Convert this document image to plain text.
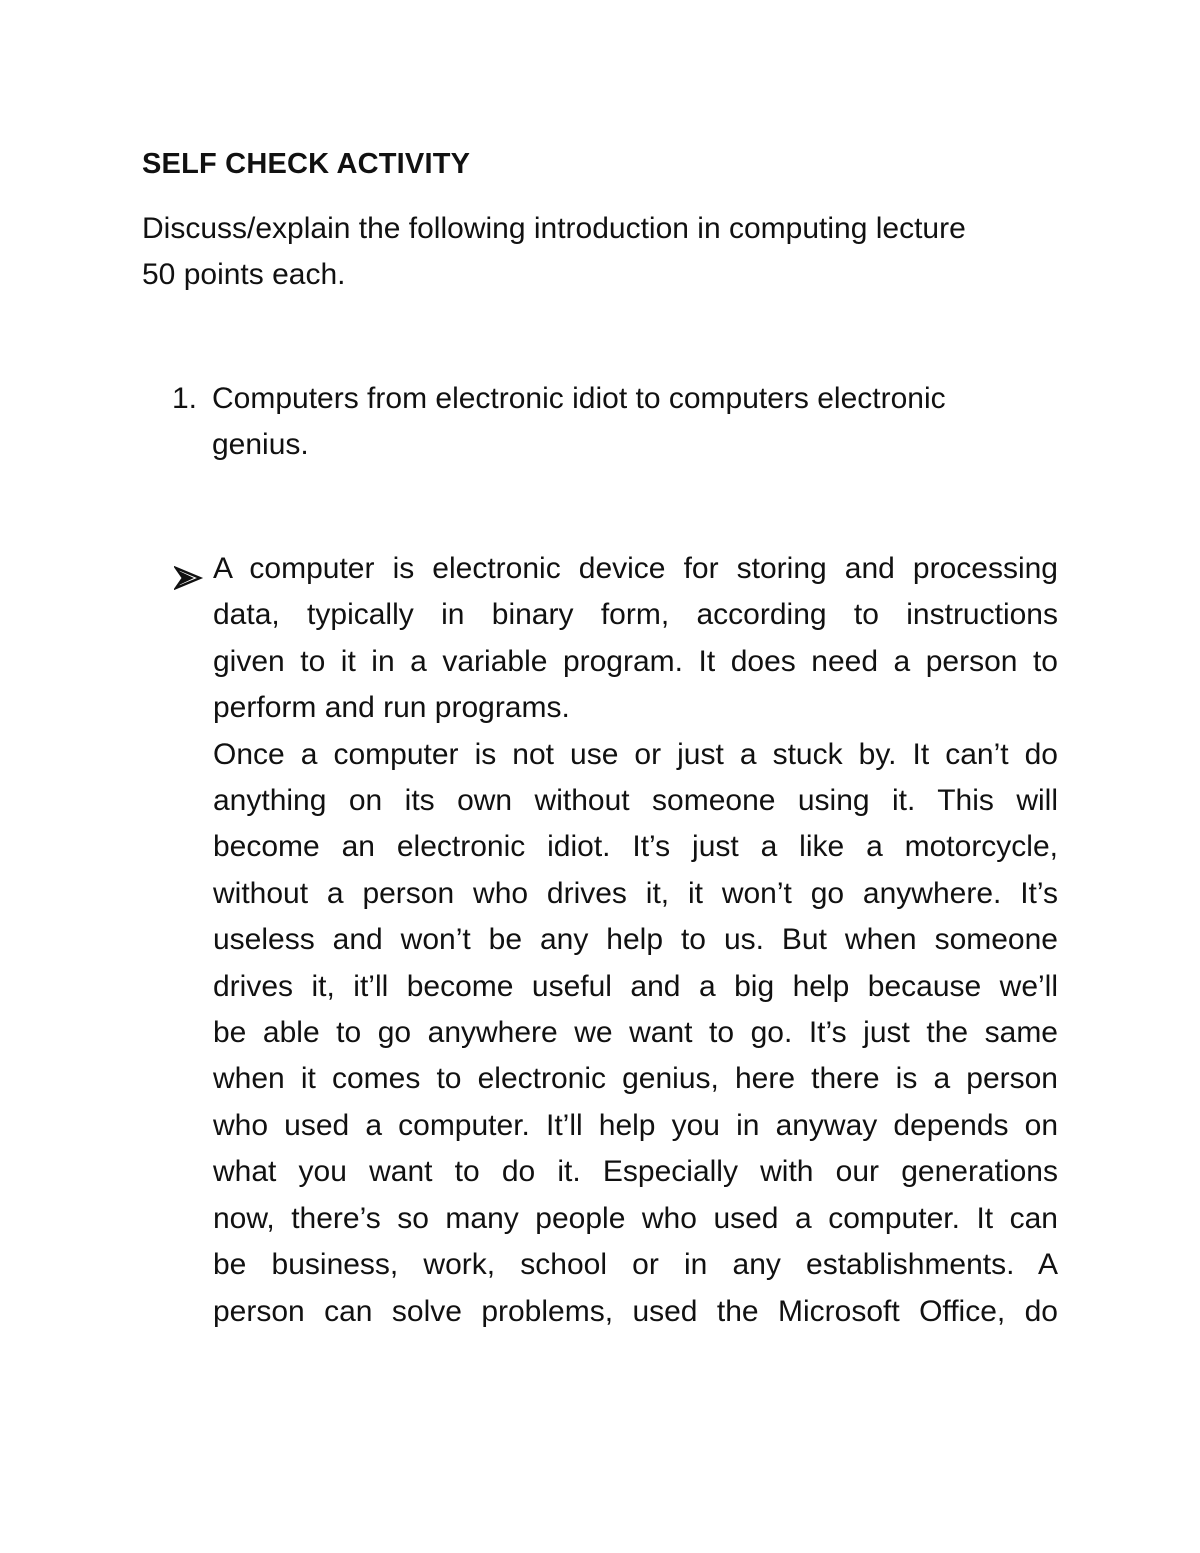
SELF CHECK ACTIVITY
Discuss/explain the following introduction in computing lecture
50 points each.
1. Computers from electronic idiot to computers electronic
genius.
A computer is electronic device for storing and processing
data, typically in binary form, according to instructions
given to it in a variable program. It does need a person to
perform and run programs.
Once a computer is not use or just a stuck by. It can’t do
anything on its own without someone using it. This will
become an electronic idiot. It’s just a like a motorcycle,
without a person who drives it, it won’t go anywhere. It’s
useless and won’t be any help to us. But when someone
drives it, it’ll become useful and a big help because we’ll
be able to go anywhere we want to go. It’s just the same
when it comes to electronic genius, here there is a person
who used a computer. It’ll help you in anyway depends on
what you want to do it. Especially with our generations
now, there’s so many people who used a computer. It can
be business, work, school or in any establishments. A
person can solve problems, used the Microsoft Office, do
